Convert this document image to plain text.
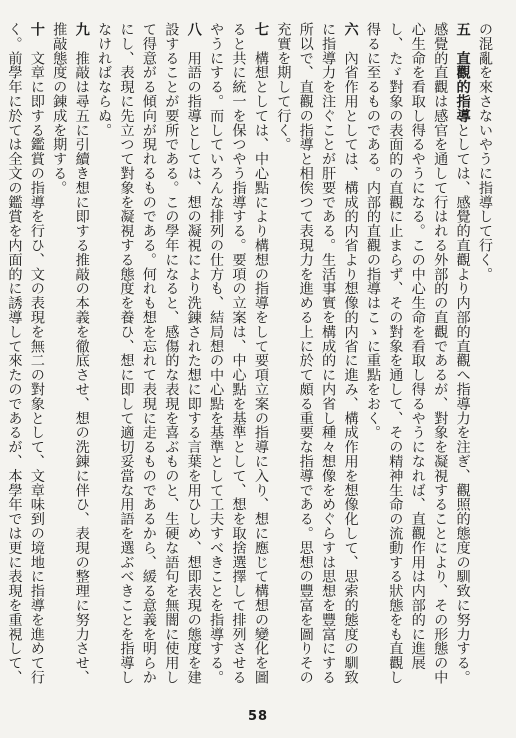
の混亂を來さないやうに指導して行く。

五　直觀的指導としては、感覺的直觀より内部的直觀へ指導力を注ぎ、觀照的態度の馴致に努力する。感覺的直觀は感官を通して行はれる外部的の直觀であるが、對象を凝視することにより、その形態の中心生命を看取し得るやうになる。この中心生命を看取し得るやうになれば、直觀作用は内部的に進展し、たゞ對象の表面的の直觀に止まらず、その對象を通して、その精神生命の流動する狀態をも直觀し得るに至るものである。内部的直觀の指導はこゝに重點をおく。

六　內省作用としては、構成的内省より想像的内省に進み、構成作用を想像化して、思索的態度の馴致に指導力を注ぐことが肝要である。生活事實を構成的に内省し種々想像をめぐらすは思想を豐富にする所以で、直觀の指導と相俟つて表現力を進める上に於て頗る重要な指導である。思想の豐富を圖りその充實を期して行く。

七　構想としては、中心點により構想の指導をして要項立案の指導に入り、想に應じて構想の變化を圖ると共に統一を保つやう指導する。要項の立案は、中心點を基準として、想を取捨選擇して排列させるやうにする。而していろんな排列の仕方も、結局想の中心點を基準として工夫すべきことを指導する。

八　用語の指導としては、想の凝視により洗錬された想に即する言葉を用ひしめ、想即表現の態度を建設することが要所である。この學年になると、感傷的な表現を喜ぶものと、生硬な語句を無闇に使用して得意がる傾向が現れるものである。何れも想を忘れて表現に走るものであるから、緩る意義を明らかにし、表現に先立つて對象を凝視する態度を養ひ、想に即して適切妥當な用語を選ぶべきことを指導しなければならぬ。

九　推敲は尋五に引續き想に即する推敲の本義を徹底させ、想の洗錬に伴ひ、表現の整理に努力させ、推敲態度の錬成を期する。

十　文章に即する鑑賞の指導を行ひ、文の表現を無二の對象として、文章味到の境地に指導を進めて行く。前學年に於ては全文の鑑賞を内面的に誘導して來たのであるが、本學年では更に表現を重視して、

58
